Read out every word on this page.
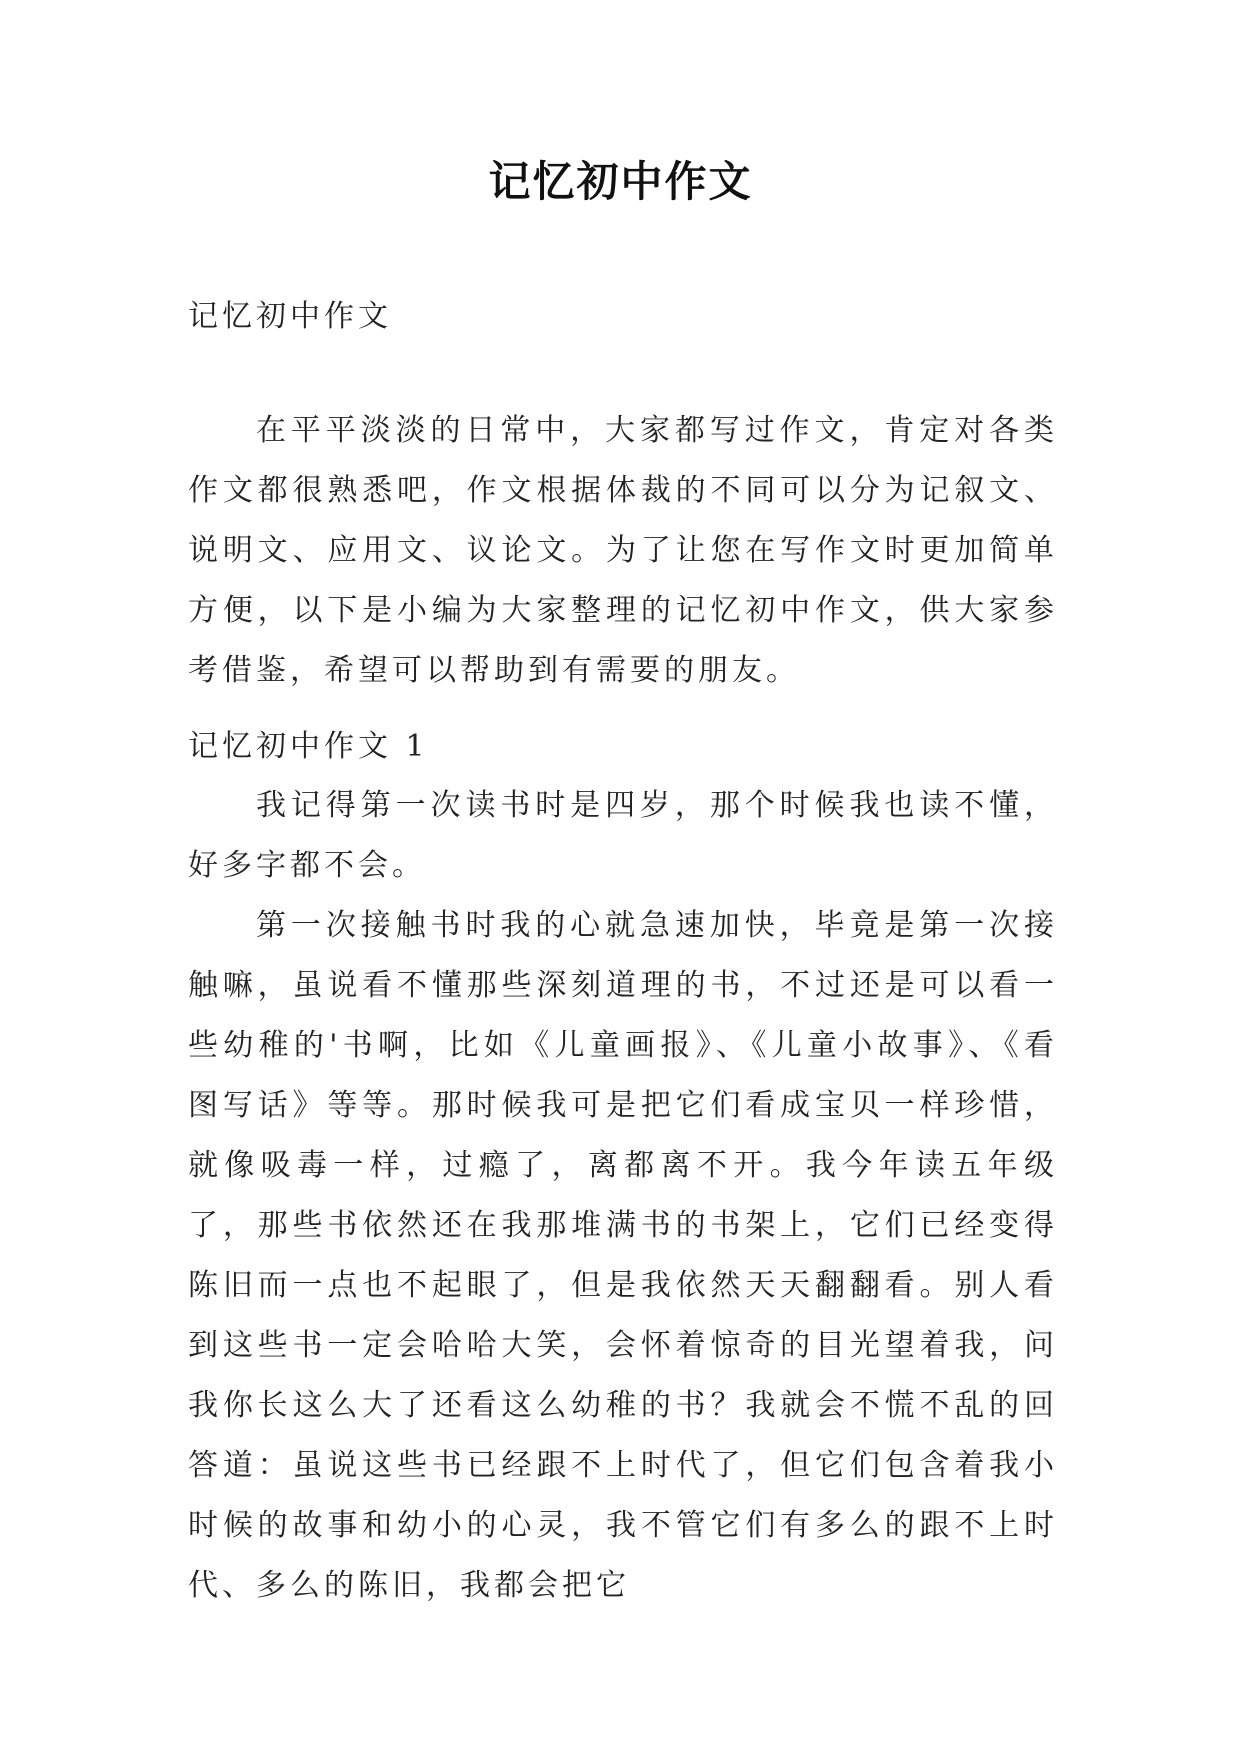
记忆初中作文

记忆初中作文

在平平淡淡的日常中，大家都写过作文，肯定对各类作文都很熟悉吧，作文根据体裁的不同可以分为记叙文、说明文、应用文、议论文。为了让您在写作文时更加简单方便，以下是小编为大家整理的记忆初中作文，供大家参考借鉴，希望可以帮助到有需要的朋友。

记忆初中作文 1

我记得第一次读书时是四岁，那个时候我也读不懂，好多字都不会。

第一次接触书时我的心就急速加快，毕竟是第一次接触嘛，虽说看不懂那些深刻道理的书，不过还是可以看一些幼稚的'书啊，比如《儿童画报》、《儿童小故事》、《看图写话》等等。那时候我可是把它们看成宝贝一样珍惜，就像吸毒一样，过瘾了，离都离不开。我今年读五年级了，那些书依然还在我那堆满书的书架上，它们已经变得陈旧而一点也不起眼了，但是我依然天天翻翻看。别人看到这些书一定会哈哈大笑，会怀着惊奇的目光望着我，问我你长这么大了还看这么幼稚的书？我就会不慌不乱的回答道：虽说这些书已经跟不上时代了，但它们包含着我小时候的故事和幼小的心灵，我不管它们有多么的跟不上时代、多么的陈旧，我都会把它
